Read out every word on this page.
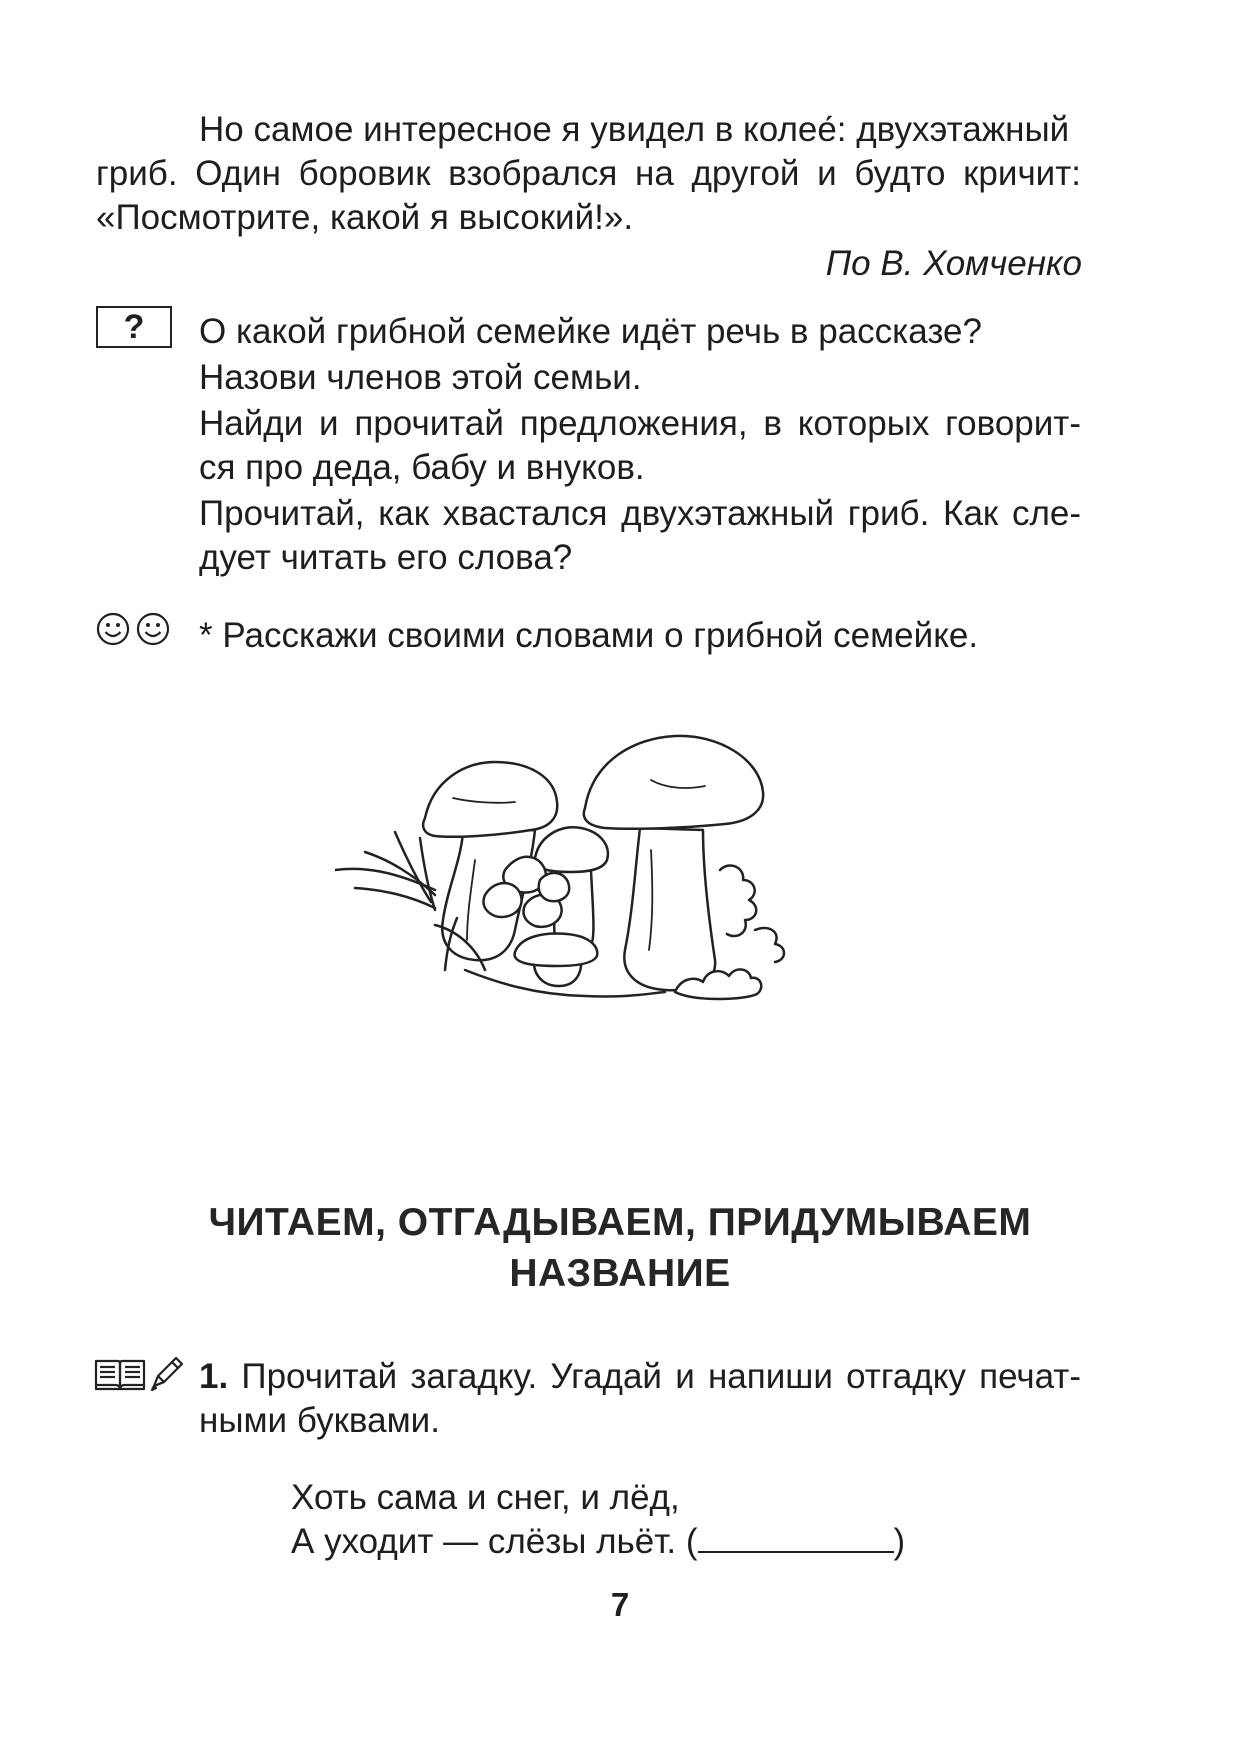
Но самое интересное я увидел в колее́: двухэтажный
гриб. Один боровик взобрался на другой и будто кричит:
«Посмотрите, какой я высокий!».
По В. Хомченко
?	О какой грибной семейке идёт речь в рассказе?
Назови членов этой семьи.
Найди и прочитай предложения, в которых говорит-
ся про деда, бабу и внуков.
Прочитай, как хвастался двухэтажный гриб. Как сле-
дует читать его слова?
* Расскажи своими словами о грибной семейке.
ЧИТАЕМ, ОТГАДЫВАЕМ, ПРИДУМЫВАЕМ
НАЗВАНИЕ
1. Прочитай загадку. Угадай и напиши отгадку печат-
ными буквами.
Хоть сама и снег, и лёд,
А уходит — слёзы льёт. (	)
7
